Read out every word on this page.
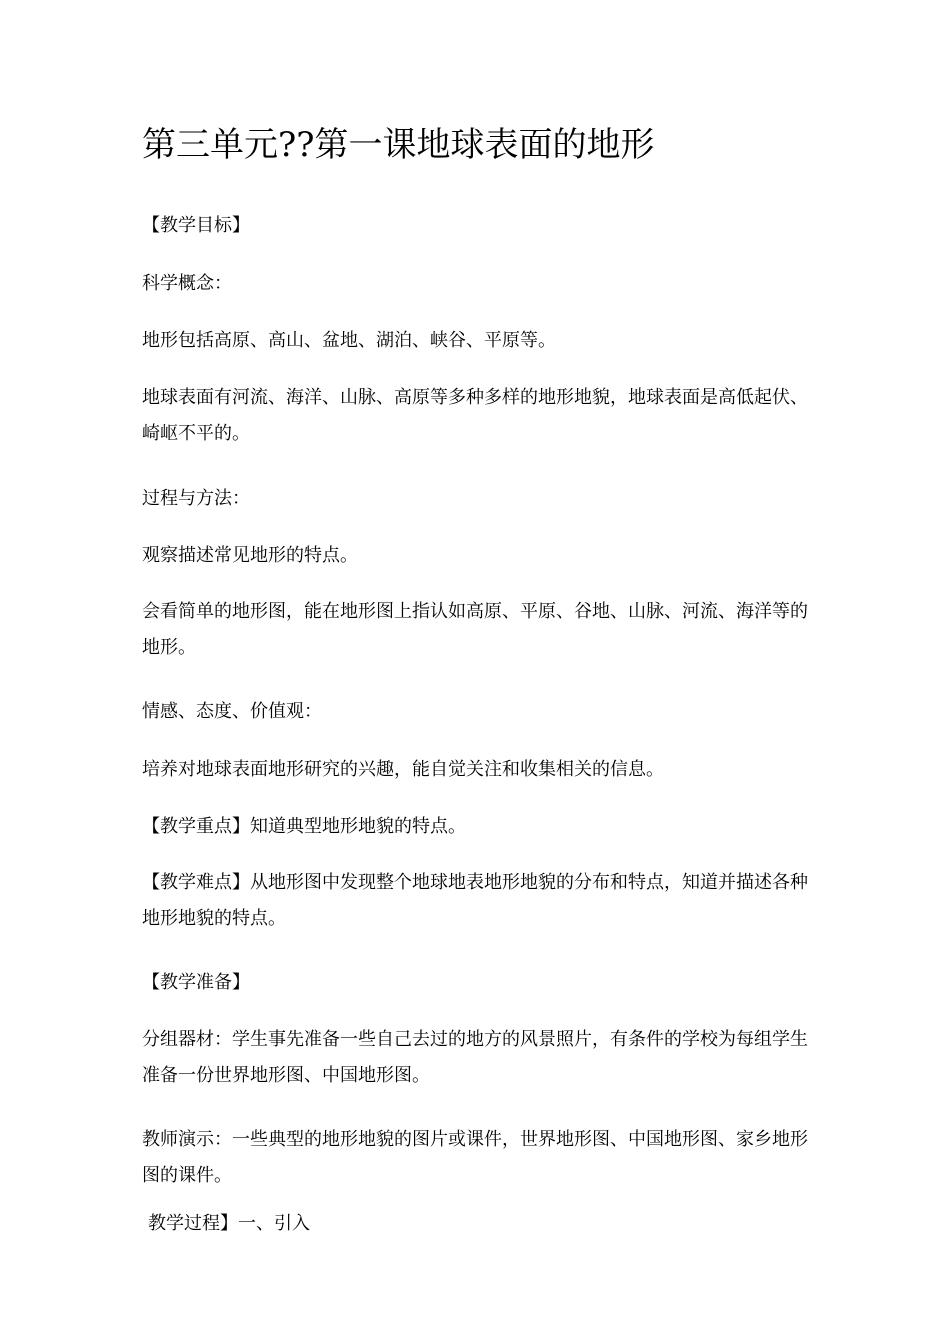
第三单元??第一课地球表面的地形

【教学目标】

科学概念：

地形包括高原、高山、盆地、湖泊、峡谷、平原等。

地球表面有河流、海洋、山脉、高原等多种多样的地形地貌，地球表面是高低起伏、崎岖不平的。

过程与方法：

观察描述常见地形的特点。

会看简单的地形图，能在地形图上指认如高原、平原、谷地、山脉、河流、海洋等的地形。

情感、态度、价值观：

培养对地球表面地形研究的兴趣，能自觉关注和收集相关的信息。

【教学重点】知道典型地形地貌的特点。

【教学难点】从地形图中发现整个地球地表地形地貌的分布和特点，知道并描述各种地形地貌的特点。

【教学准备】

分组器材：学生事先准备一些自己去过的地方的风景照片，有条件的学校为每组学生准备一份世界地形图、中国地形图。

教师演示：一些典型的地形地貌的图片或课件，世界地形图、中国地形图、家乡地形图的课件。

教学过程】一、引入
